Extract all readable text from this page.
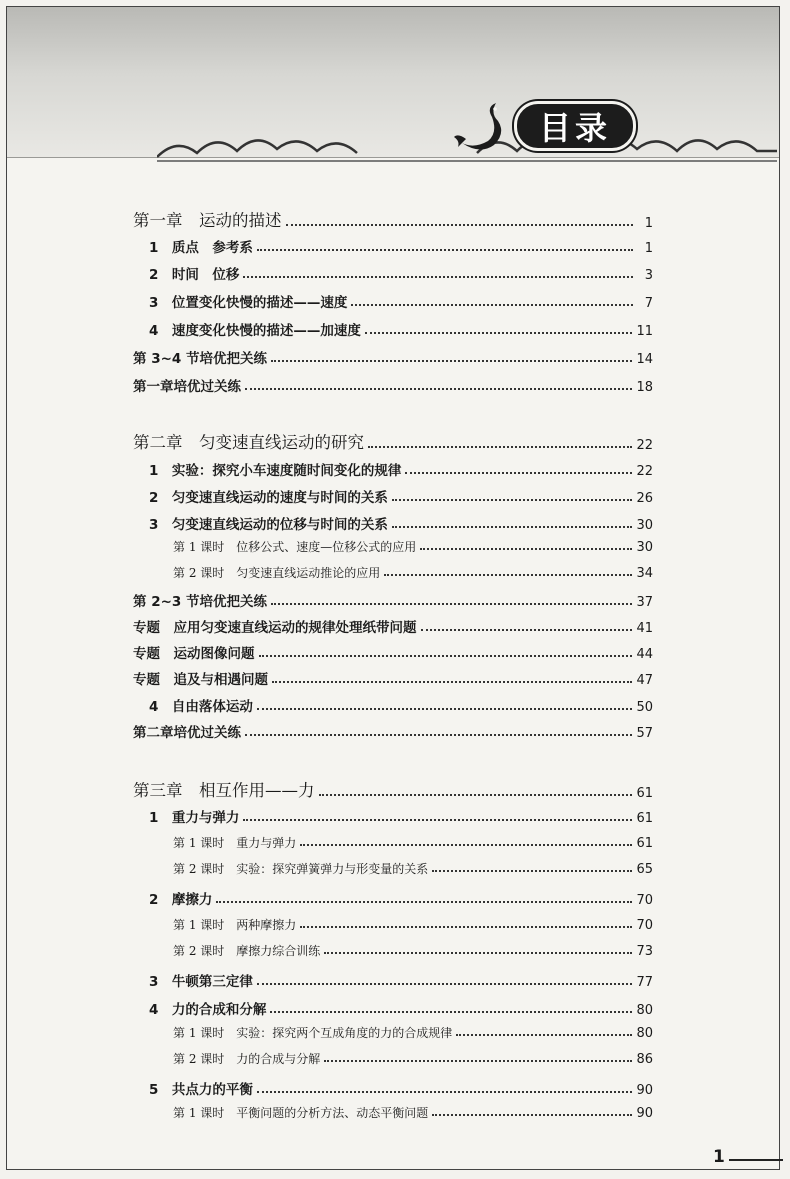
目录
第一章　运动的描述	1
1　质点　参考系	1
2　时间　位移	3
3　位置变化快慢的描述——速度	7
4　速度变化快慢的描述——加速度	11
第 3~4 节培优把关练	14
第一章培优过关练	18
第二章　匀变速直线运动的研究	22
1　实验：探究小车速度随时间变化的规律	22
2　匀变速直线运动的速度与时间的关系	26
3　匀变速直线运动的位移与时间的关系	30
第 1 课时　位移公式、速度—位移公式的应用	30
第 2 课时　匀变速直线运动推论的应用	34
第 2~3 节培优把关练	37
专题　应用匀变速直线运动的规律处理纸带问题	41
专题　运动图像问题	44
专题　追及与相遇问题	47
4　自由落体运动	50
第二章培优过关练	57
第三章　相互作用——力	61
1　重力与弹力	61
第 1 课时　重力与弹力	61
第 2 课时　实验：探究弹簧弹力与形变量的关系	65
2　摩擦力	70
第 1 课时　两种摩擦力	70
第 2 课时　摩擦力综合训练	73
3　牛顿第三定律	77
4　力的合成和分解	80
第 1 课时　实验：探究两个互成角度的力的合成规律	80
第 2 课时　力的合成与分解	86
5　共点力的平衡	90
第 1 课时　平衡问题的分析方法、动态平衡问题	90
1
